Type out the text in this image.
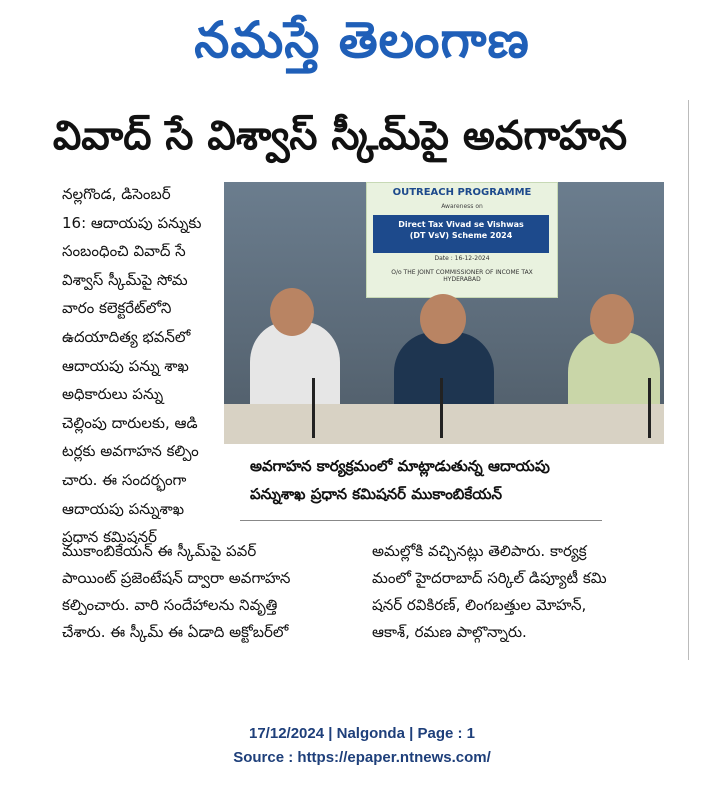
నమస్తే తెలంగాణ
వివాద్ సే విశ్వాస్ స్కీమ్‌పై అవగాహన

నల్లగొండ, డిసెంబర్

16: ఆదాయపు పన్నుకు

సంబంధించి వివాద్ సే

విశ్వాస్ స్కీమ్‌పై సోమ

వారం కలెక్టరేట్‌లోని

ఉదయాదిత్య భవన్‌లో

ఆదాయపు పన్ను శాఖ

అధికారులు పన్ను

చెల్లింపు దారులకు, ఆడి

టర్లకు అవగాహన కల్పిం

చారు. ఈ సందర్భంగా

ఆదాయపు పన్నుశాఖ

ప్రధాన కమిషనర్

OUTREACH PROGRAMME
Awareness on
Direct Tax Vivad se Vishwas
(DT VsV) Scheme 2024
Date : 16-12-2024
O/o THE JOINT COMMISSIONER OF INCOME TAX
HYDERABAD

అవగాహన కార్యక్రమంలో మాట్లాడుతున్న ఆదాయపు

పన్నుశాఖ ప్రధాన కమిషనర్ ముకాంబికేయన్

ముకాంబికేయన్ ఈ స్కీమ్‌పై పవర్

పాయింట్ ప్రజెంటేషన్ ద్వారా అవగాహన

కల్పించారు. వారి సందేహాలను నివృత్తి

చేశారు. ఈ స్కీమ్ ఈ ఏడాది అక్టోబర్‌లో

అమల్లోకి వచ్చినట్లు తెలిపారు. కార్యక్ర

మంలో హైదరాబాద్ సర్కిల్ డిప్యూటీ కమి

షనర్ రవికిరణ్, లింగబత్తుల మోహన్,

ఆకాశ్, రమణ పాల్గొన్నారు.

17/12/2024 | Nalgonda | Page : 1

Source : https://epaper.ntnews.com/
